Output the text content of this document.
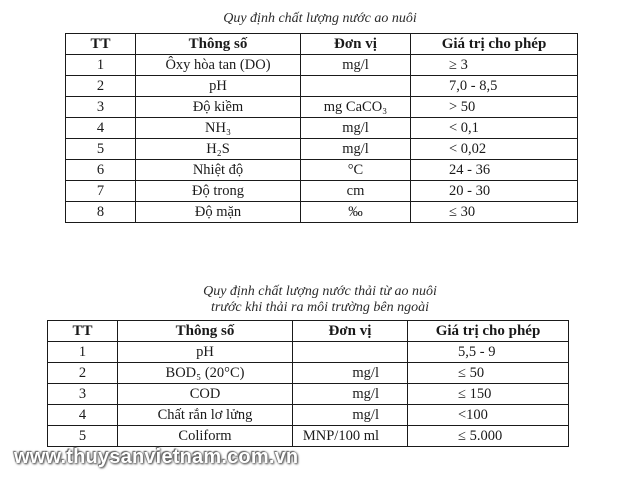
Quy định chất lượng nước ao nuôi
TT	Thông số	Đơn vị	Giá trị cho phép
1	Ôxy hòa tan (DO)	mg/l	≥ 3
2	pH		7,0 - 8,5
3	Độ kiềm	mg CaCO₃	> 50
4	NH₃	mg/l	< 0,1
5	H₂S	mg/l	< 0,02
6	Nhiệt độ	°C	24 - 36
7	Độ trong	cm	20 - 30
8	Độ mặn	‰	≤ 30
Quy định chất lượng nước thải từ ao nuôi
trước khi thải ra môi trường bên ngoài
TT	Thông số	Đơn vị	Giá trị cho phép
1	pH		5,5 - 9
2	BOD₅ (20°C)	mg/l	≤ 50
3	COD	mg/l	≤ 150
4	Chất rắn lơ lửng	mg/l	<100
5	Coliform	MNP/100 ml	≤ 5.000
www.thuysanvietnam.com.vn
